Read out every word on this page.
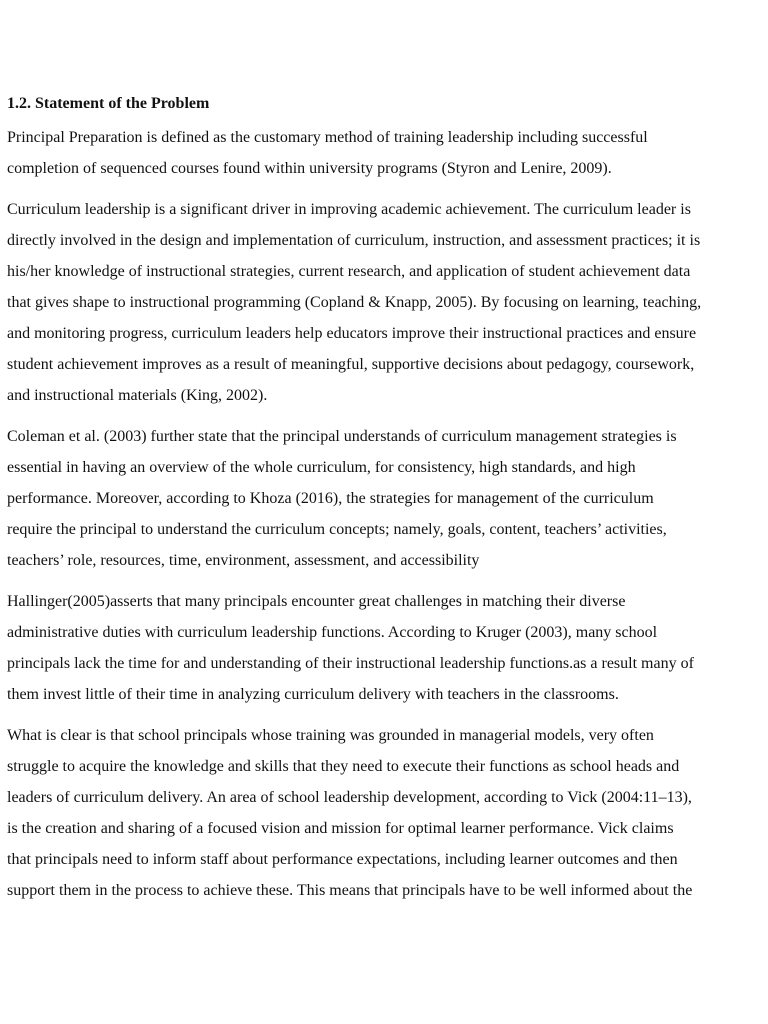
1.2. Statement of the Problem
Principal Preparation is defined as the customary method of training leadership including successful
completion of sequenced courses found within university programs (Styron and Lenire, 2009).
Curriculum leadership is a significant driver in improving academic achievement. The curriculum leader is
directly involved in the design and implementation of curriculum, instruction, and assessment practices; it is
his/her knowledge of instructional strategies, current research, and application of student achievement data
that gives shape to instructional programming (Copland & Knapp, 2005). By focusing on learning, teaching,
and monitoring progress, curriculum leaders help educators improve their instructional practices and ensure
student achievement improves as a result of meaningful, supportive decisions about pedagogy, coursework,
and instructional materials (King, 2002).
Coleman et al. (2003) further state that the principal understands of curriculum management strategies is
essential in having an overview of the whole curriculum, for consistency, high standards, and high
performance. Moreover, according to Khoza (2016), the strategies for management of the curriculum
require the principal to understand the curriculum concepts; namely, goals, content, teachers’ activities,
teachers’ role, resources, time, environment, assessment, and accessibility
Hallinger(2005)asserts that many principals encounter great challenges in matching their diverse
administrative duties with curriculum leadership functions. According to Kruger (2003), many school
principals lack the time for and understanding of their instructional leadership functions.as a result many of
them invest little of their time in analyzing curriculum delivery with teachers in the classrooms.
What is clear is that school principals whose training was grounded in managerial models, very often
struggle to acquire the knowledge and skills that they need to execute their functions as school heads and
leaders of curriculum delivery. An area of school leadership development, according to Vick (2004:11–13),
is the creation and sharing of a focused vision and mission for optimal learner performance. Vick claims
that principals need to inform staff about performance expectations, including learner outcomes and then
support them in the process to achieve these. This means that principals have to be well informed about the
